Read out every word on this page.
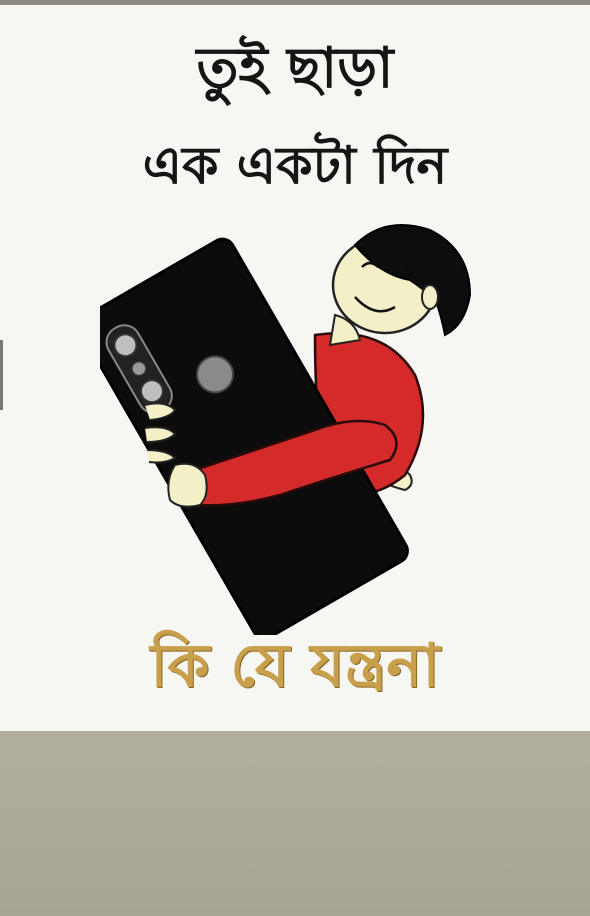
তুই ছাড়া
এক একটা দিন
কি যে যন্ত্রনা
